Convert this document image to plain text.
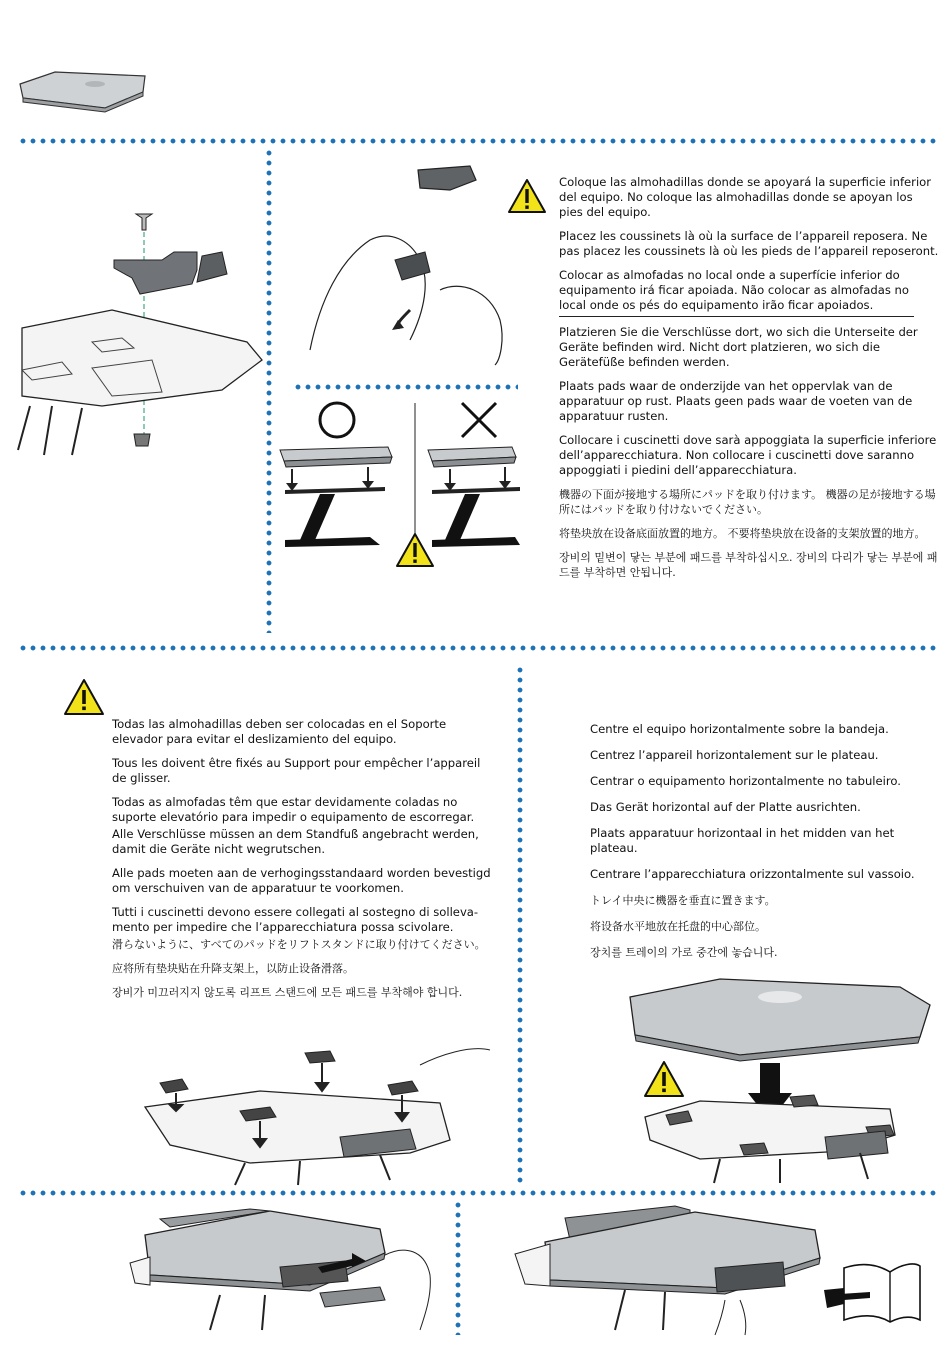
Coloque las almohadillas donde se apoyará la superficie inferior del equipo. No coloque las almohadillas donde se apoyan los pies del equipo.

Placez les coussinets là où la surface de l’appareil reposera. Ne pas placez les coussinets là où les pieds de l’appareil reposeront.

Colocar as almofadas no local onde a superfície inferior do equipamento irá ficar apoiada. Não colocar as almofadas no local onde os pés do equipamento irão ficar apoiados.

Platzieren Sie die Verschlüsse dort, wo sich die Unterseite der Geräte befinden wird. Nicht dort platzieren, wo sich die Gerätefüße befinden werden.

Plaats pads waar de onderzijde van het oppervlak van de apparatuur op rust. Plaats geen pads waar de voeten van de apparatuur rusten.

Collocare i cuscinetti dove sarà appoggiata la superficie inferiore dell’apparecchiatura. Non collocare i cuscinetti dove saranno appoggiati i piedini dell’apparecchiatura.

機器の下面が接地する場所にパッドを取り付けます。 機器の足が接地する場所にはパッドを取り付けないでください。

将垫块放在设备底面放置的地方。 不要将垫块放在设备的支架放置的地方。

장비의 밑변이 닿는 부분에 패드를 부착하십시오. 장비의 다리가 닿는 부분에 패드를 부착하면 안됩니다.

Todas las almohadillas deben ser colocadas en el Soporte elevador para evitar el deslizamiento del equipo.

Tous les doivent être fixés au Support pour empêcher l’appareil de glisser.

Todas as almofadas têm que estar devidamente coladas no suporte elevatório para impedir o equipamento de escorregar.

Alle Verschlüsse müssen an dem Standfuß angebracht werden, damit die Geräte nicht wegrutschen.

Alle pads moeten aan de verhogingsstandaard worden bevestigd om verschuiven van de apparatuur te voorkomen.

Tutti i cuscinetti devono essere collegati al sostegno di solleva-mento per impedire che l’apparecchiatura possa scivolare.

滑らないように、すべてのパッドをリフトスタンドに取り付けてください。

应将所有垫块贴在升降支架上，以防止设备滑落。

장비가 미끄러지지 않도록 리프트 스탠드에 모든 패드를 부착해야 합니다.

Centre el equipo horizontalmente sobre la bandeja.

Centrez l’appareil horizontalement sur le plateau.

Centrar o equipamento horizontalmente no tabuleiro.

Das Gerät horizontal auf der Platte ausrichten.

Plaats apparatuur horizontaal in het midden van het plateau.

Centrare l’apparecchiatura orizzontalmente sul vassoio.

トレイ中央に機器を垂直に置きます。

将设备水平地放在托盘的中心部位。

장치를 트레이의 가로 중간에 놓습니다.
